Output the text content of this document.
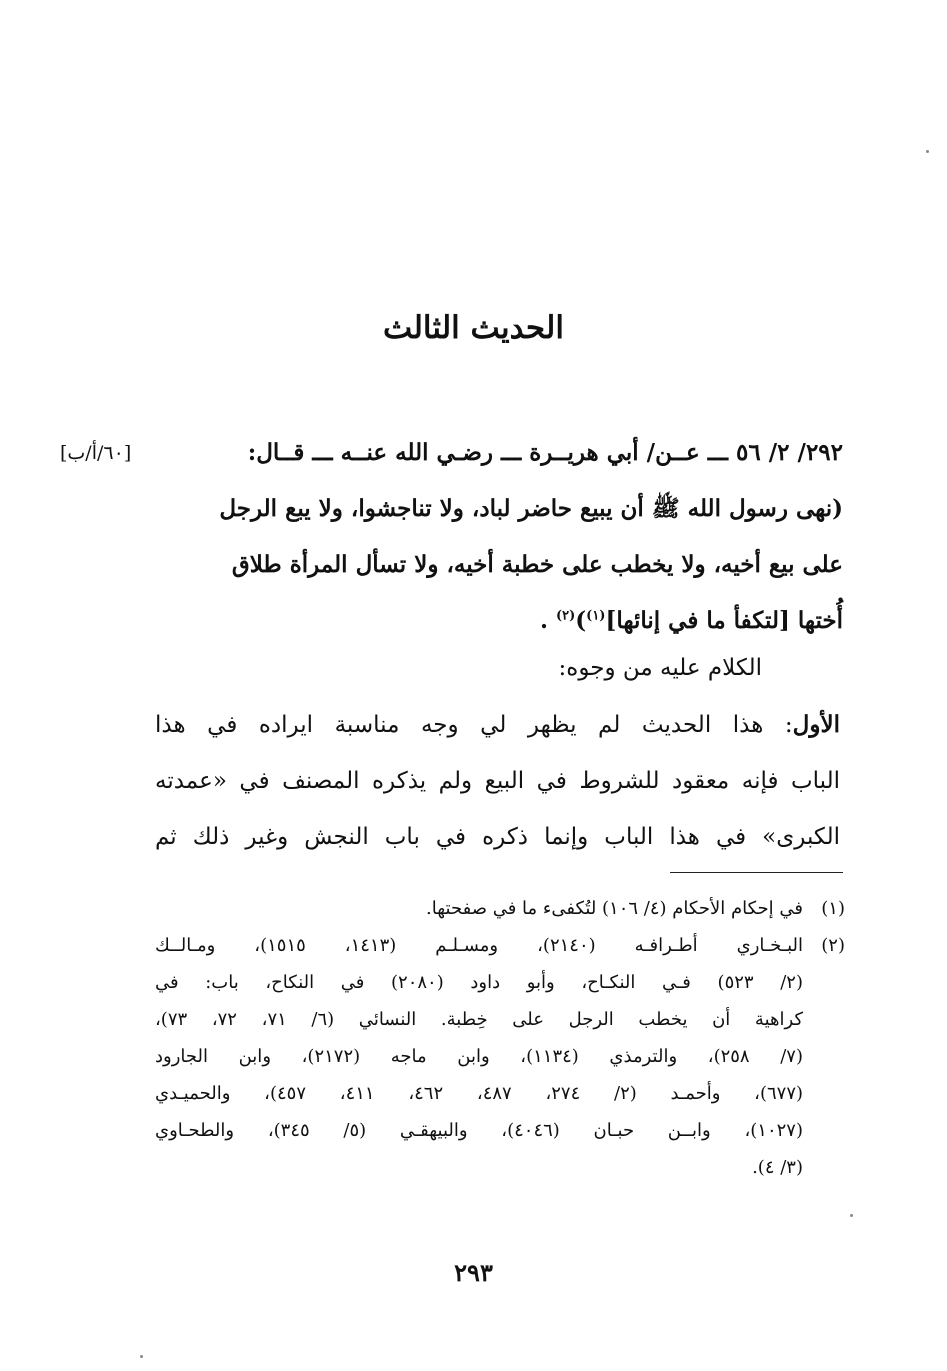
الحديث الثالث
[٦٠/أ/ب]	٢٩٢/ ٢/ ٥٦ ـــ عــن/ أبي هريــرة ـــ رضـي الله عنــه ـــ قــال:
(نهى رسول الله ﷺ أن يبيع حاضر لباد، ولا تناجشوا، ولا يبع الرجل
على بيع أخيه، ولا يخطب على خطبة أخيه، ولا تسأل المرأة طلاق
أُختها [لتكفأ ما في إنائها]$^{(١)}$)$^{(٢)}$ .

الكلام عليه من وجوه:

الأول: هذا الحديث لم يظهر لي وجه مناسبة ايراده في هذا
الباب فإنه معقود للشروط في البيع ولم يذكره المصنف في «عمدته
الكبرى» في هذا الباب وإنما ذكره في باب النجش وغير ذلك ثم
(١)
في إحكام الأحكام (٤/ ١٠٦) لتُكفىء ما في صفحتها.
(٢)
البـخـاري أطـرافـه (٢١٤٠)، ومسـلـم (١٤١٣، ١٥١٥)، ومـالــك
(٢/ ٥٢٣) فـي النكـاح، وأبو داود (٢٠٨٠) في النكاح، باب: في
كراهية أن يخطب الرجل على خِطبة. النسائي (٦/ ٧١، ٧٢، ٧٣)،
(٧/ ٢٥٨)، والترمذي (١١٣٤)، وابن ماجه (٢١٧٢)، وابن الجارود
(٦٧٧)، وأحمـد (٢/ ٢٧٤، ٤٨٧، ٤٦٢، ٤١١، ٤٥٧)، والحميـدي
(١٠٢٧)، وابــن حبـان (٤٠٤٦)، والبيهقـي (٥/ ٣٤٥)، والطحـاوي
(٣/ ٤).

٢٩٣
